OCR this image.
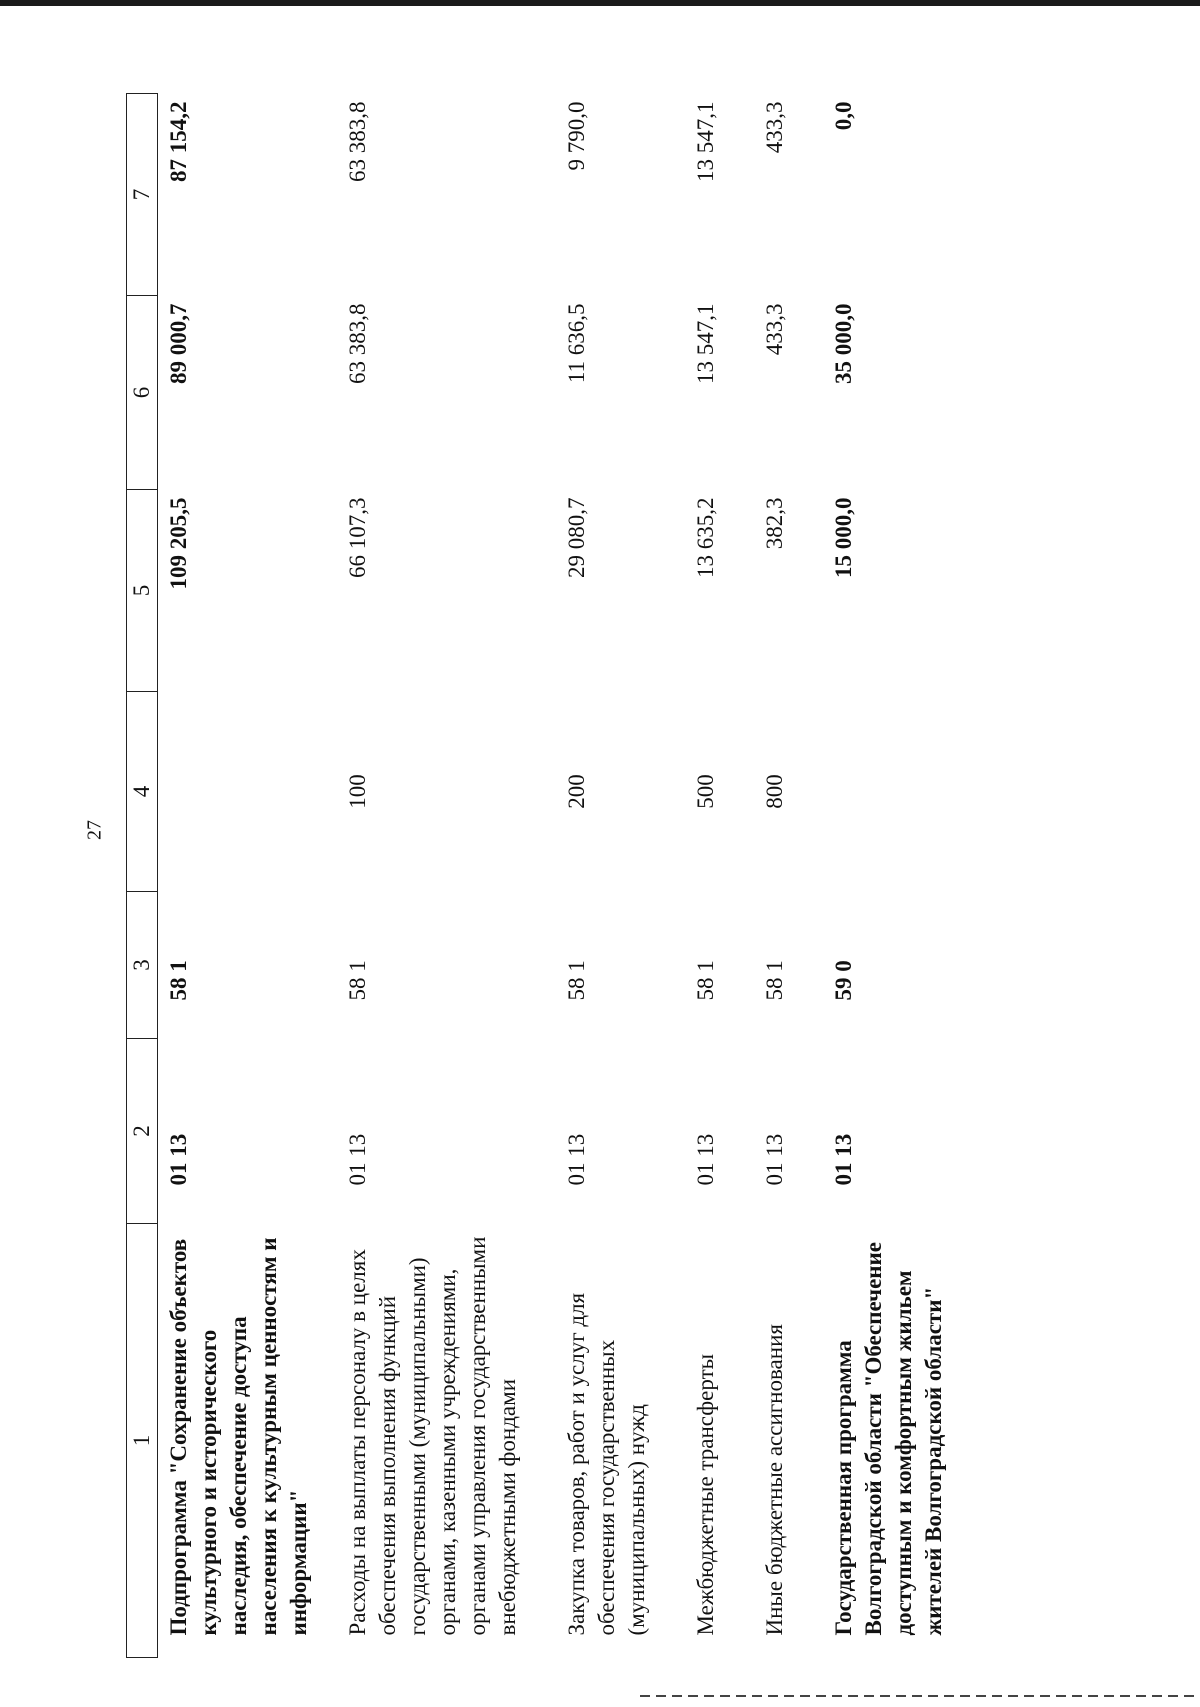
27
1	2	3	4	5	6	7
Подпрограмма "Сохранение объектов культурного и исторического наследия, обеспечение доступа населения к культурным ценностям и информации"	01 13	58 1		109 205,5	89 000,7	87 154,2
Расходы на выплаты персоналу в целях обеспечения выполнения функций государственными (муниципальными) органами, казенными учреждениями, органами управления государственными внебюджетными фондами	01 13	58 1	100	66 107,3	63 383,8	63 383,8
Закупка товаров, работ и услуг для обеспечения государственных (муниципальных) нужд	01 13	58 1	200	29 080,7	11 636,5	9 790,0
Межбюджетные трансферты	01 13	58 1	500	13 635,2	13 547,1	13 547,1
Иные бюджетные ассигнования	01 13	58 1	800	382,3	433,3	433,3
Государственная программа Волгоградской области "Обеспечение доступным и комфортным жильем жителей Волгоградской области"	01 13	59 0		15 000,0	35 000,0	0,0
